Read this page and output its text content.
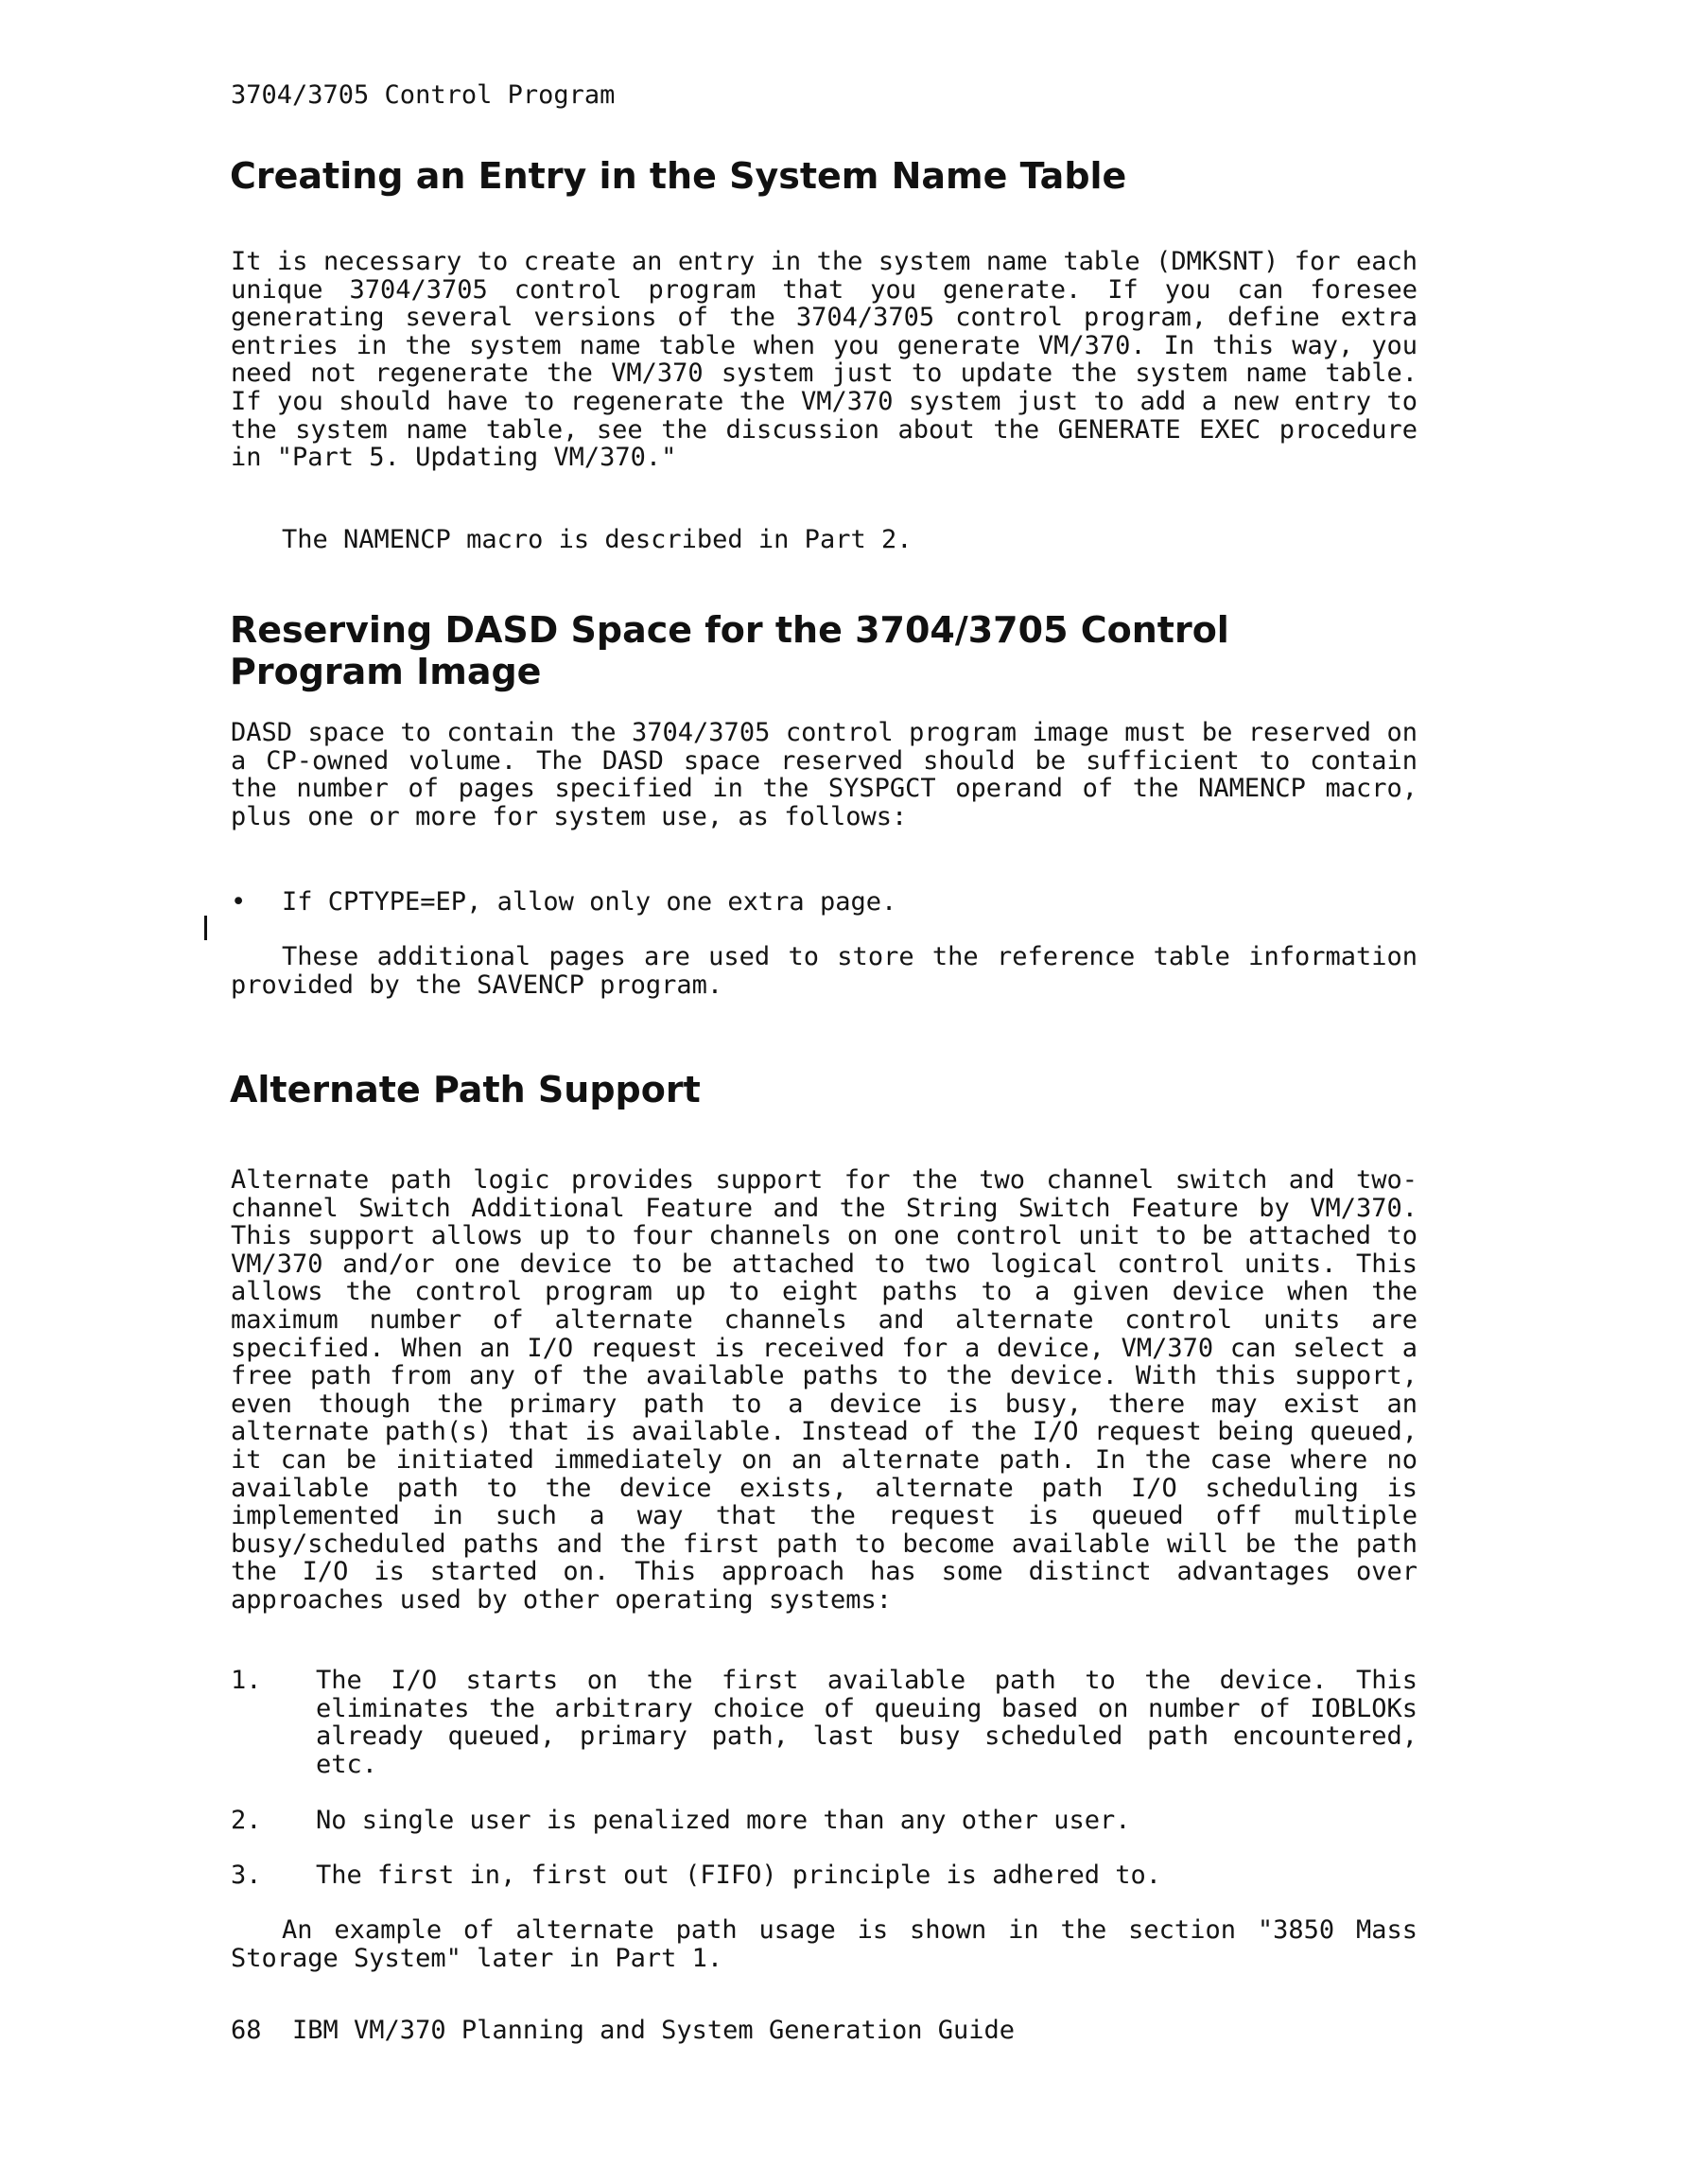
3704/3705 Control Program
Creating an Entry in the System Name Table

It is necessary to create an entry in the system name table (DMKSNT) for each unique 3704/3705 control program that you generate. If you can foresee generating several versions of the 3704/3705 control program, define extra entries in the system name table when you generate VM/370. In this way, you need not regenerate the VM/370 system just to update the system name table. If you should have to regenerate the VM/370 system just to add a new entry to the system name table, see the discussion about the GENERATE EXEC procedure in "Part 5. Updating VM/370."

The NAMENCP macro is described in Part 2.

Reserving DASD Space for the 3704/3705 Control
Program Image

DASD space to contain the 3704/3705 control program image must be reserved on a CP-owned volume. The DASD space reserved should be sufficient to contain the number of pages specified in the SYSPGCT operand of the NAMENCP macro, plus one or more for system use, as follows:

• If CPTYPE=EP, allow only one extra page.

These additional pages are used to store the reference table information provided by the SAVENCP program.

Alternate Path Support

Alternate path logic provides support for the two channel switch and two-channel Switch Additional Feature and the String Switch Feature by VM/370. This support allows up to four channels on one control unit to be attached to VM/370 and/or one device to be attached to two logical control units. This allows the control program up to eight paths to a given device when the maximum number of alternate channels and alternate control units are specified. When an I/O request is received for a device, VM/370 can select a free path from any of the available paths to the device. With this support, even though the primary path to a device is busy, there may exist an alternate path(s) that is available. Instead of the I/O request being queued, it can be initiated immediately on an alternate path. In the case where no available path to the device exists, alternate path I/O scheduling is implemented in such a way that the request is queued off multiple busy/scheduled paths and the first path to become available will be the path the I/O is started on. This approach has some distinct advantages over approaches used by other operating systems:

1. The I/O starts on the first available path to the device. This eliminates the arbitrary choice of queuing based on number of IOBLOKs already queued, primary path, last busy scheduled path encountered, etc.
2. No single user is penalized more than any other user.
3. The first in, first out (FIFO) principle is adhered to.

An example of alternate path usage is shown in the section "3850 Mass Storage System" later in Part 1.

68  IBM VM/370 Planning and System Generation Guide
